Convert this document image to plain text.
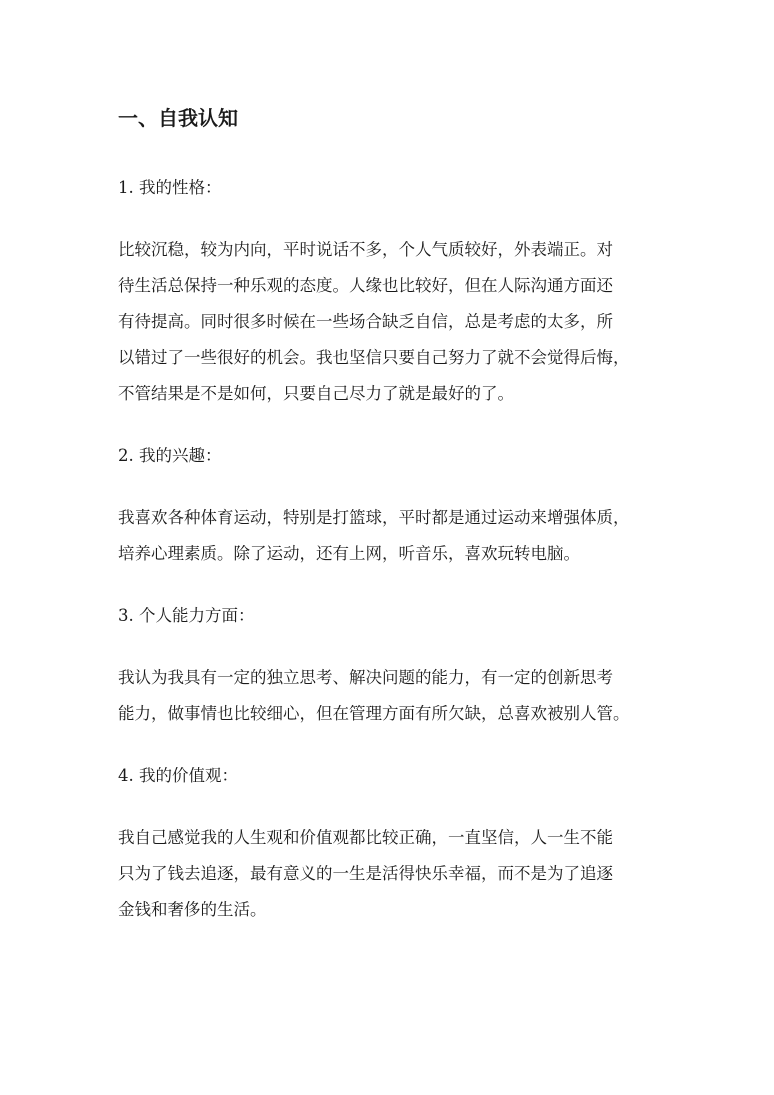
一、自我认知
1. 我的性格：
比较沉稳，较为内向，平时说话不多，个人气质较好，外表端正。对
待生活总保持一种乐观的态度。人缘也比较好，但在人际沟通方面还
有待提高。同时很多时候在一些场合缺乏自信，总是考虑的太多，所
以错过了一些很好的机会。我也坚信只要自己努力了就不会觉得后悔，
不管结果是不是如何，只要自己尽力了就是最好的了。
2. 我的兴趣：
我喜欢各种体育运动，特别是打篮球，平时都是通过运动来增强体质，
培养心理素质。除了运动，还有上网，听音乐，喜欢玩转电脑。
3. 个人能力方面：
我认为我具有一定的独立思考、解决问题的能力，有一定的创新思考
能力，做事情也比较细心，但在管理方面有所欠缺，总喜欢被别人管。
4. 我的价值观：
我自己感觉我的人生观和价值观都比较正确，一直坚信，人一生不能
只为了钱去追逐，最有意义的一生是活得快乐幸福，而不是为了追逐
金钱和奢侈的生活。
